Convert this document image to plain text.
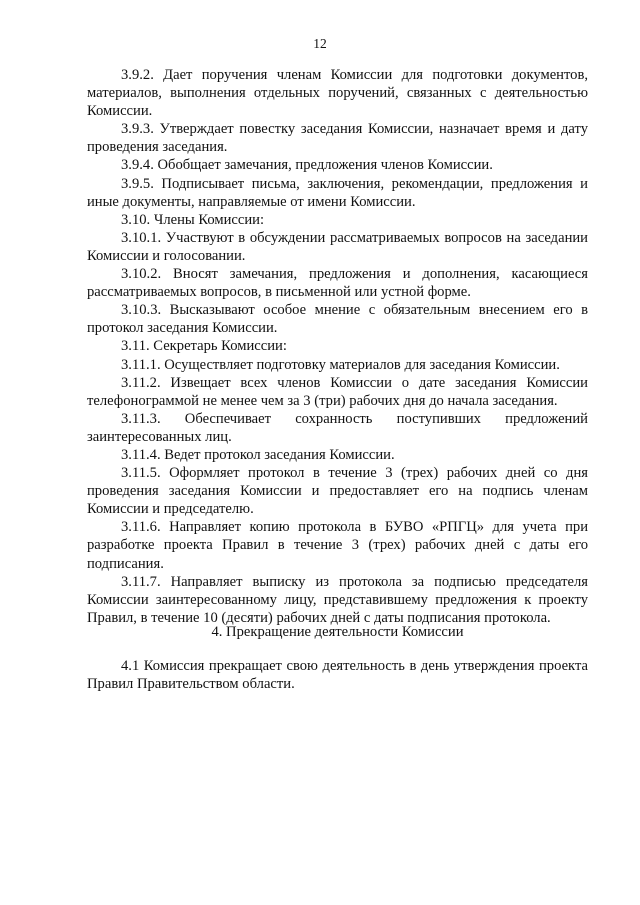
12

3.9.2. Дает поручения членам Комиссии для подготовки документов, материалов, выполнения отдельных поручений, связанных с деятельностью Комиссии.

3.9.3. Утверждает повестку заседания Комиссии, назначает время и дату проведения заседания.

3.9.4. Обобщает замечания, предложения членов Комиссии.

3.9.5. Подписывает письма, заключения, рекомендации, предложения и иные документы, направляемые от имени Комиссии.

3.10. Члены Комиссии:

3.10.1. Участвуют в обсуждении рассматриваемых вопросов на заседании Комиссии и голосовании.

3.10.2. Вносят замечания, предложения и дополнения, касающиеся рассматриваемых вопросов, в письменной или устной форме.

3.10.3. Высказывают особое мнение с обязательным внесением его в протокол заседания Комиссии.

3.11. Секретарь Комиссии:

3.11.1. Осуществляет подготовку материалов для заседания Комиссии.

3.11.2. Извещает всех членов Комиссии о дате заседания Комиссии телефонограммой не менее чем за 3 (три) рабочих дня до начала заседания.

3.11.3. Обеспечивает сохранность поступивших предложений заинтересованных лиц.

3.11.4. Ведет протокол заседания Комиссии.

3.11.5. Оформляет протокол в течение 3 (трех) рабочих дней со дня проведения заседания Комиссии и предоставляет его на подпись членам Комиссии и председателю.

3.11.6. Направляет копию протокола в БУВО «РПГЦ» для учета при разработке проекта Правил в течение 3 (трех) рабочих дней с даты его подписания.

3.11.7. Направляет выписку из протокола за подписью председателя Комиссии заинтересованному лицу, представившему предложения к проекту Правил, в течение 10 (десяти) рабочих дней с даты подписания протокола.

4. Прекращение деятельности Комиссии

4.1 Комиссия прекращает свою деятельность в день утверждения проекта Правил Правительством области.
